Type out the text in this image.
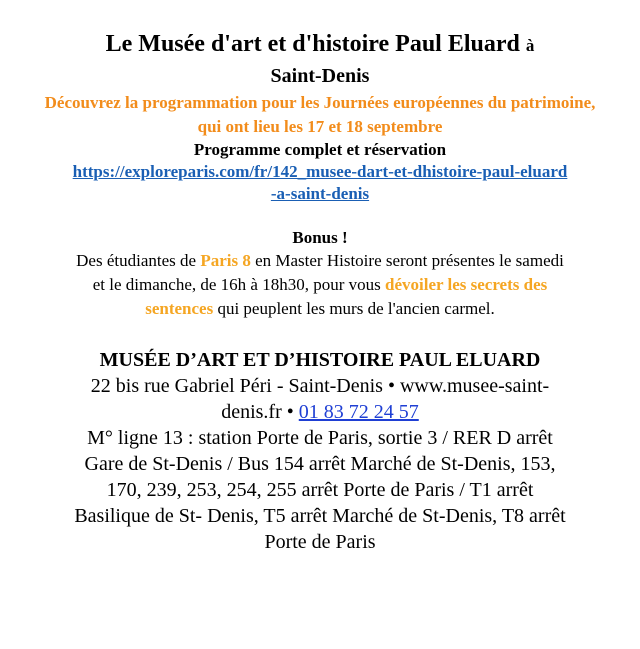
Le Musée d'art et d'histoire Paul Eluard à
Saint-Denis
Découvrez la programmation pour les Journées européennes du patrimoine, qui ont lieu les 17 et 18 septembre
Programme complet et réservation
https://exploreparis.com/fr/142_musee-dart-et-dhistoire-paul-eluard-a-saint-denis
Bonus !
Des étudiantes de Paris 8 en Master Histoire seront présentes le samedi et le dimanche, de 16h à 18h30, pour vous dévoiler les secrets des sentences qui peuplent les murs de l'ancien carmel.
MUSÉE D’ART ET D’HISTOIRE PAUL ELUARD
22 bis rue Gabriel Péri - Saint-Denis • www.musee-saint-denis.fr • 01 83 72 24 57
M° ligne 13 : station Porte de Paris, sortie 3 / RER D arrêt Gare de St-Denis / Bus 154 arrêt Marché de St-Denis, 153, 170, 239, 253, 254, 255 arrêt Porte de Paris / T1 arrêt Basilique de St- Denis, T5 arrêt Marché de St-Denis, T8 arrêt Porte de Paris
